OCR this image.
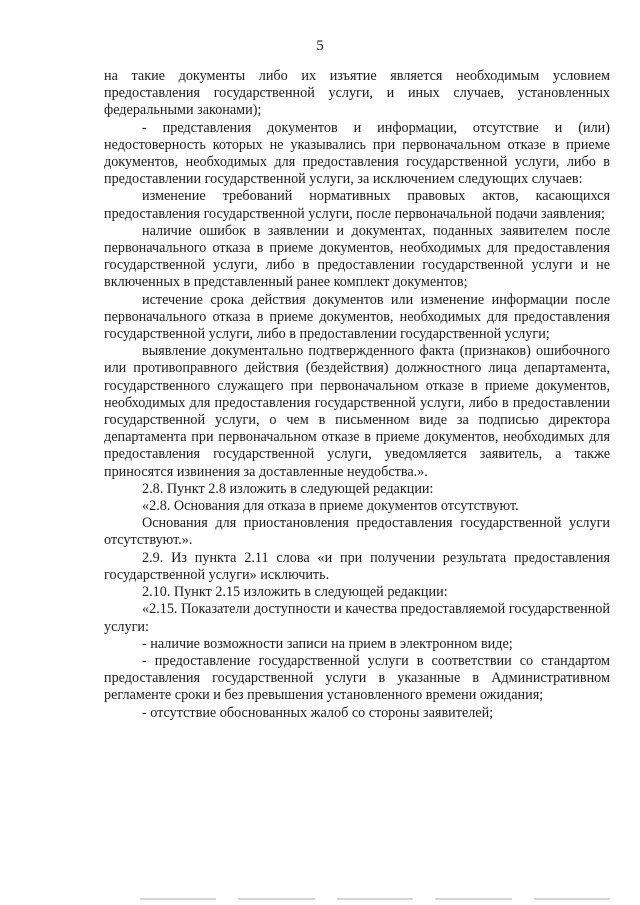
5

на такие документы либо их изъятие является необходимым условием предоставления государственной услуги, и иных случаев, установленных федеральными законами);

- представления документов и информации, отсутствие и (или) недостоверность которых не указывались при первоначальном отказе в приеме документов, необходимых для предоставления государственной услуги, либо в предоставлении государственной услуги, за исключением следующих случаев:

изменение требований нормативных правовых актов, касающихся предоставления государственной услуги, после первоначальной подачи заявления;

наличие ошибок в заявлении и документах, поданных заявителем после первоначального отказа в приеме документов, необходимых для предоставления государственной услуги, либо в предоставлении государственной услуги и не включенных в представленный ранее комплект документов;

истечение срока действия документов или изменение информации после первоначального отказа в приеме документов, необходимых для предоставления государственной услуги, либо в предоставлении государственной услуги;

выявление документально подтвержденного факта (признаков) ошибочного или противоправного действия (бездействия) должностного лица департамента, государственного служащего при первоначальном отказе в приеме документов, необходимых для предоставления государственной услуги, либо в предоставлении государственной услуги, о чем в письменном виде за подписью директора департамента при первоначальном отказе в приеме документов, необходимых для предоставления государственной услуги, уведомляется заявитель, а также приносятся извинения за доставленные неудобства.».

2.8. Пункт 2.8 изложить в следующей редакции:

«2.8. Основания для отказа в приеме документов отсутствуют.

Основания для приостановления предоставления государственной услуги отсутствуют.».

2.9. Из пункта 2.11 слова «и при получении результата предоставления государственной услуги» исключить.

2.10. Пункт 2.15 изложить в следующей редакции:

«2.15. Показатели доступности и качества предоставляемой государственной услуги:

- наличие возможности записи на прием в электронном виде;

- предоставление государственной услуги в соответствии со стандартом предоставления государственной услуги в указанные в Административном регламенте сроки и без превышения установленного времени ожидания;

- отсутствие обоснованных жалоб со стороны заявителей;
